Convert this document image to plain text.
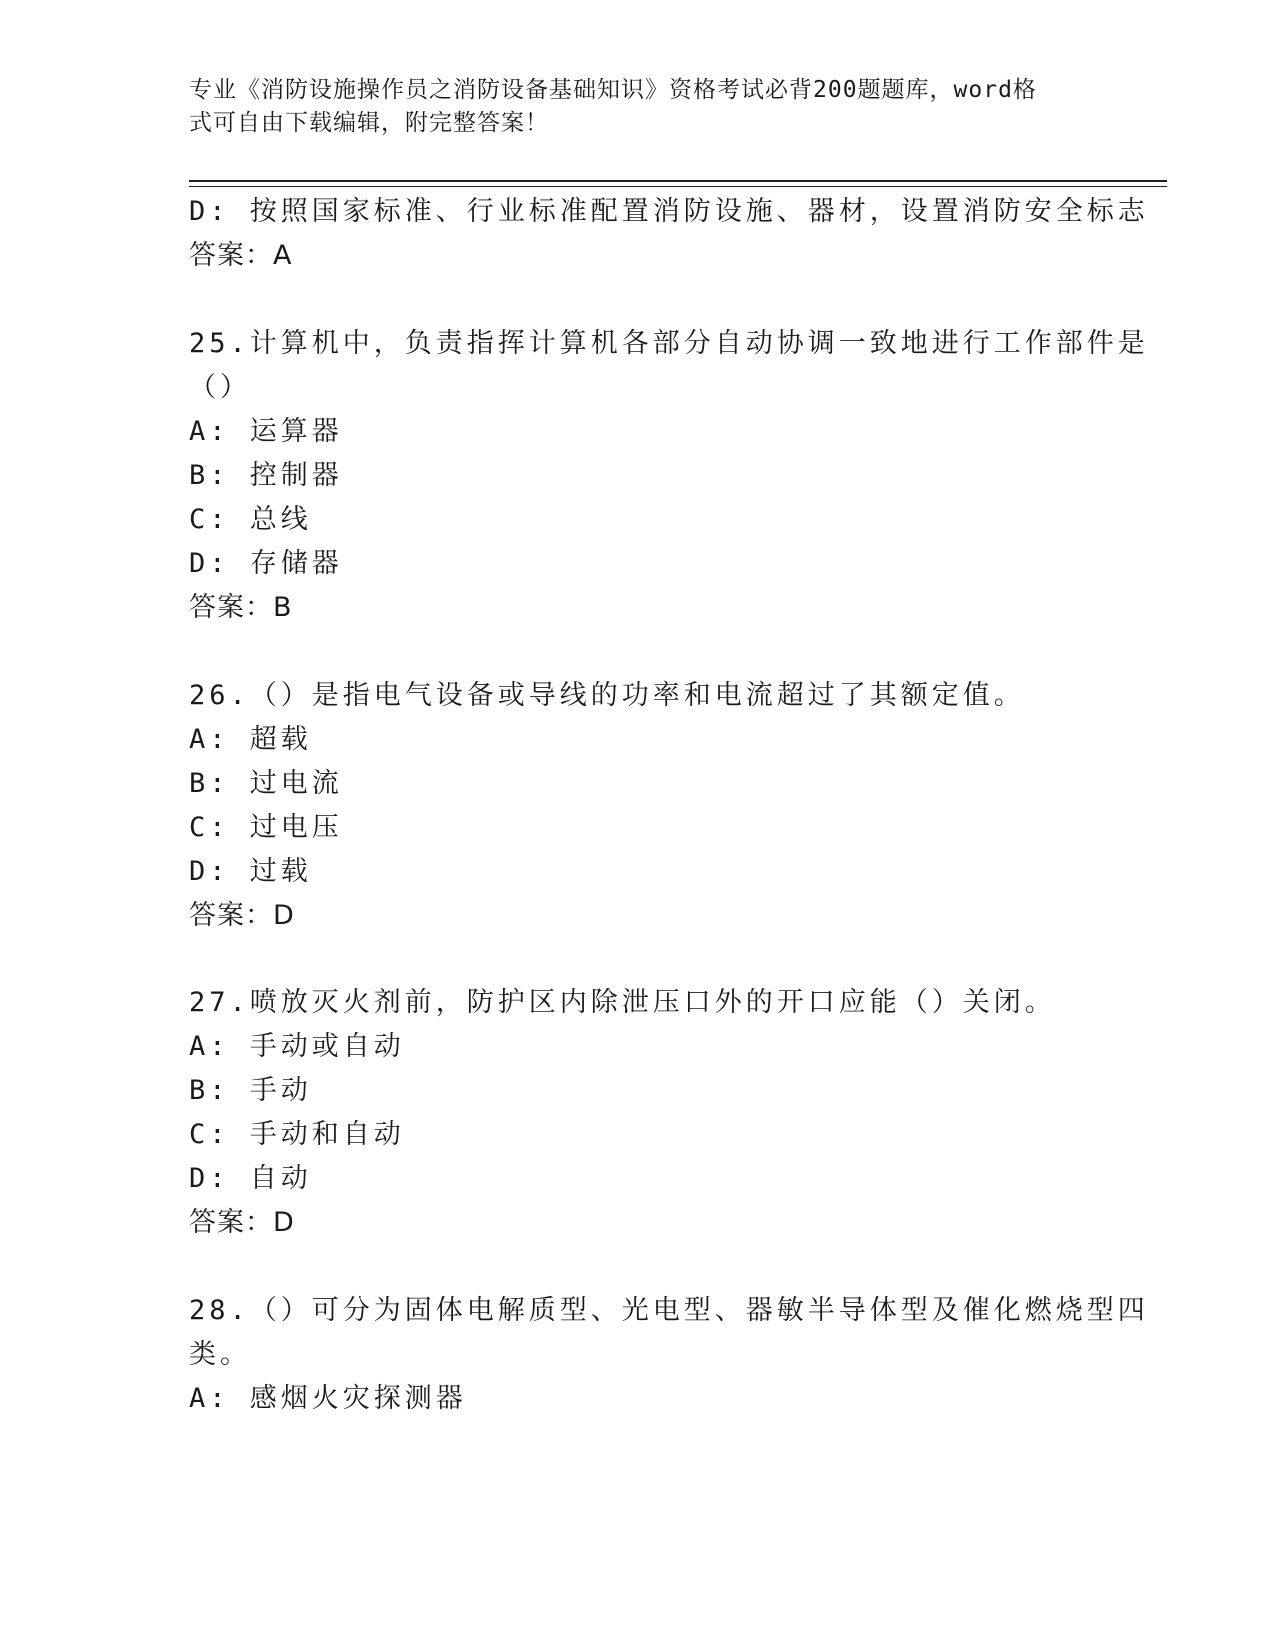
专业《消防设施操作员之消防设备基础知识》资格考试必背200题题库，word格
式可自由下载编辑，附完整答案！
D: 按照国家标准、行业标准配置消防设施、器材，设置消防安全标志
答案：A
25.计算机中，负责指挥计算机各部分自动协调一致地进行工作部件是
（）
A: 运算器
B: 控制器
C: 总线
D: 存储器
答案：B
26.（）是指电气设备或导线的功率和电流超过了其额定值。
A: 超载
B: 过电流
C: 过电压
D: 过载
答案：D
27.喷放灭火剂前，防护区内除泄压口外的开口应能（）关闭。
A: 手动或自动
B: 手动
C: 手动和自动
D: 自动
答案：D
28.（）可分为固体电解质型、光电型、器敏半导体型及催化燃烧型四
类。
A: 感烟火灾探测器
